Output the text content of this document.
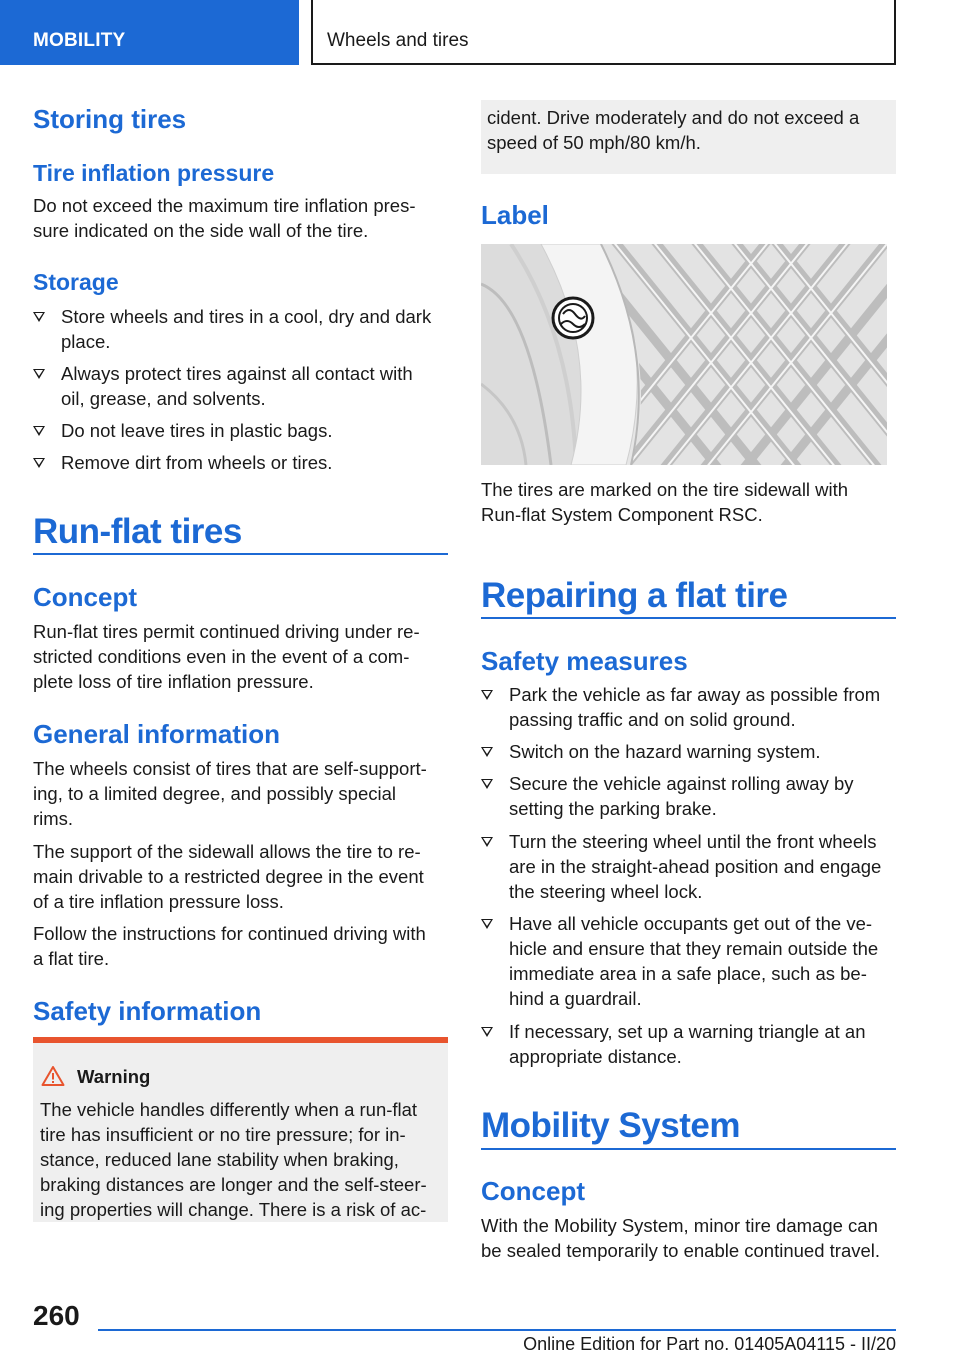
MOBILITY	Wheels and tires
Storing tires
Tire inflation pressure
Do not exceed the maximum tire inflation pres-
sure indicated on the side wall of the tire.
Storage
Store wheels and tires in a cool, dry and dark
place.
Always protect tires against all contact with
oil, grease, and solvents.
Do not leave tires in plastic bags.
Remove dirt from wheels or tires.
Run-flat tires
Concept
Run-flat tires permit continued driving under re-
stricted conditions even in the event of a com-
plete loss of tire inflation pressure.
General information
The wheels consist of tires that are self-support-
ing, to a limited degree, and possibly special
rims.
The support of the sidewall allows the tire to re-
main drivable to a restricted degree in the event
of a tire inflation pressure loss.
Follow the instructions for continued driving with
a flat tire.
Safety information
Warning
The vehicle handles differently when a run-flat
tire has insufficient or no tire pressure; for in-
stance, reduced lane stability when braking,
braking distances are longer and the self-steer-
ing properties will change. There is a risk of ac-
cident. Drive moderately and do not exceed a
speed of 50 mph/80 km/h.
Label
The tires are marked on the tire sidewall with
Run-flat System Component RSC.
Repairing a flat tire
Safety measures
Park the vehicle as far away as possible from
passing traffic and on solid ground.
Switch on the hazard warning system.
Secure the vehicle against rolling away by
setting the parking brake.
Turn the steering wheel until the front wheels
are in the straight-ahead position and engage
the steering wheel lock.
Have all vehicle occupants get out of the ve-
hicle and ensure that they remain outside the
immediate area in a safe place, such as be-
hind a guardrail.
If necessary, set up a warning triangle at an
appropriate distance.
Mobility System
Concept
With the Mobility System, minor tire damage can
be sealed temporarily to enable continued travel.
260
Online Edition for Part no. 01405A04115 - II/20
